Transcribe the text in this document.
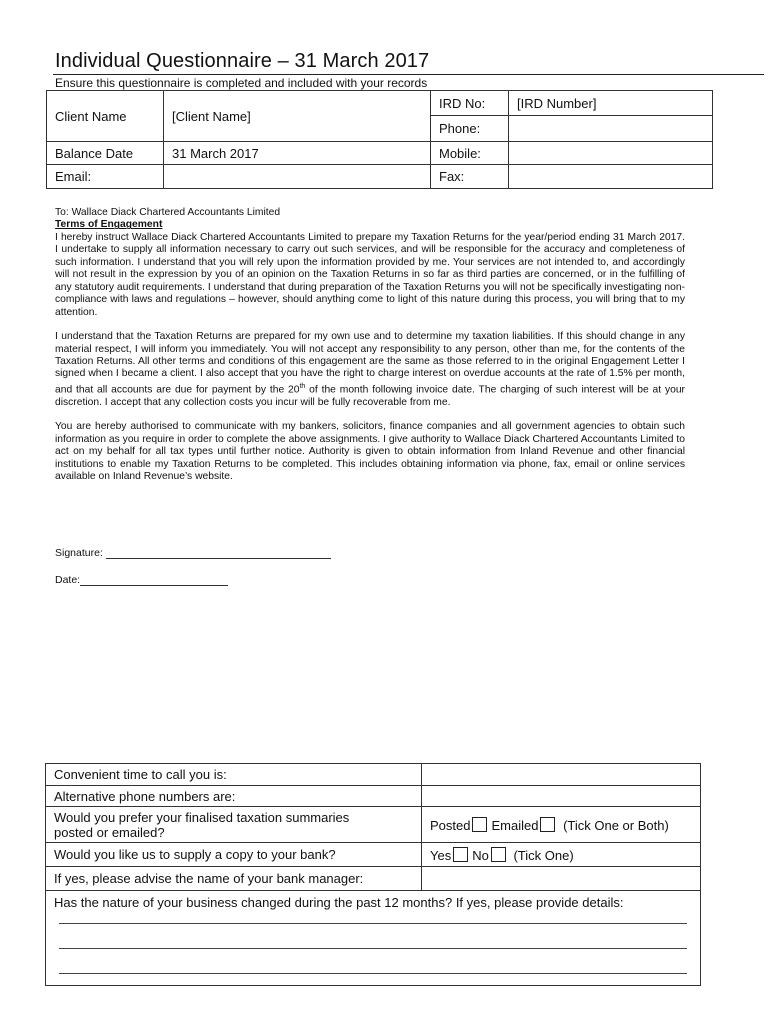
Individual Questionnaire – 31 March 2017
Ensure this questionnaire is completed and included with your records
Client Name	[Client Name]	IRD No:	[IRD Number]
		Phone:	
Balance Date	31 March 2017	Mobile:	
Email:		Fax:	
To: Wallace Diack Chartered Accountants Limited
Terms of Engagement

I hereby instruct Wallace Diack Chartered Accountants Limited to prepare my Taxation Returns for the year/period ending 31 March 2017. I undertake to supply all information necessary to carry out such services, and will be responsible for the accuracy and completeness of such information. I understand that you will rely upon the information provided by me. Your services are not intended to, and accordingly will not result in the expression by you of an opinion on the Taxation Returns in so far as third parties are concerned, or in the fulfilling of any statutory audit requirements. I understand that during preparation of the Taxation Returns you will not be specifically investigating non-compliance with laws and regulations – however, should anything come to light of this nature during this process, you will bring that to my attention.

I understand that the Taxation Returns are prepared for my own use and to determine my taxation liabilities. If this should change in any material respect, I will inform you immediately. You will not accept any responsibility to any person, other than me, for the contents of the Taxation Returns. All other terms and conditions of this engagement are the same as those referred to in the original Engagement Letter I signed when I became a client. I also accept that you have the right to charge interest on overdue accounts at the rate of 1.5% per month, and that all accounts are due for payment by the 20th of the month following invoice date. The charging of such interest will be at your discretion. I accept that any collection costs you incur will be fully recoverable from me.

You are hereby authorised to communicate with my bankers, solicitors, finance companies and all government agencies to obtain such information as you require in order to complete the above assignments. I give authority to Wallace Diack Chartered Accountants Limited to act on my behalf for all tax types until further notice. Authority is given to obtain information from Inland Revenue and other financial institutions to enable my Taxation Returns to be completed. This includes obtaining information via phone, fax, email or online services available on Inland Revenue’s website.

Signature:
Date:
Convenient time to call you is:	
Alternative phone numbers are:	
Would you prefer your finalised taxation summaries
posted or emailed?	Posted Emailed (Tick One or Both)
Would you like us to supply a copy to your bank?	Yes No (Tick One)
If yes, please advise the name of your bank manager:	

Has the nature of your business changed during the past 12 months? If yes, please provide details:	
